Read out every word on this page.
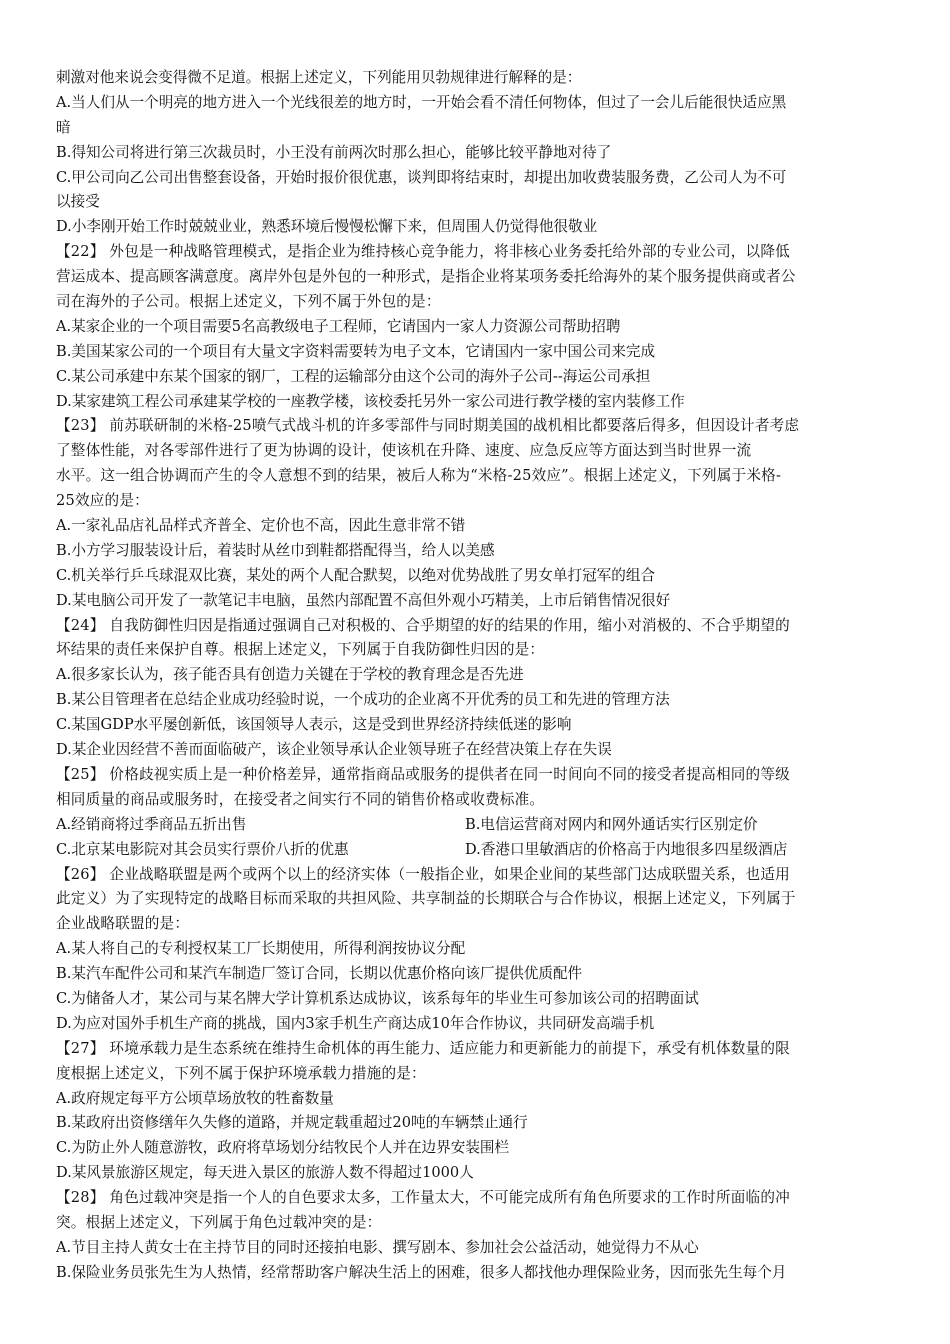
刺激对他来说会变得微不足道。根据上述定义，下列能用贝勃规律进行解释的是：
A.当人们从一个明亮的地方进入一个光线很差的地方时，一开始会看不清任何物体，但过了一会儿后能很快适应黑
暗
B.得知公司将进行第三次裁员时，小王没有前两次时那么担心，能够比较平静地对待了
C.甲公司向乙公司出售整套设备，开始时报价很优惠，谈判即将结束时，却提出加收费装服务费，乙公司人为不可
以接受
D.小李刚开始工作时兢兢业业，熟悉环境后慢慢松懈下来，但周围人仍觉得他很敬业
【22】 外包是一种战略管理模式，是指企业为维持核心竞争能力，将非核心业务委托给外部的专业公司，以降低
营运成本、提高顾客满意度。离岸外包是外包的一种形式，是指企业将某项务委托给海外的某个服务提供商或者公
司在海外的子公司。根据上述定义，下列不属于外包的是：
A.某家企业的一个项目需要5名高教级电子工程师，它请国内一家人力资源公司帮助招聘
B.美国某家公司的一个项目有大量文字资料需要转为电子文本，它请国内一家中国公司来完成
C.某公司承建中东某个国家的钢厂，工程的运输部分由这个公司的海外子公司--海运公司承担
D.某家建筑工程公司承建某学校的一座教学楼，该校委托另外一家公司进行教学楼的室内装修工作
【23】 前苏联研制的米格-25喷气式战斗机的许多零部件与同时期美国的战机相比都要落后得多，但因设计者考虑
了整体性能，对各零部件进行了更为协调的设计，使该机在升降、速度、应急反应等方面达到当时世界一流
水平。这一组合协调而产生的令人意想不到的结果，被后人称为“米格-25效应”。根据上述定义，下列属于米格-
25效应的是：
A.一家礼品店礼品样式齐普全、定价也不高，因此生意非常不错
B.小方学习服装设计后，着装时从丝巾到鞋都搭配得当，给人以美感
C.机关举行乒乓球混双比赛，某处的两个人配合默契，以绝对优势战胜了男女单打冠军的组合
D.某电脑公司开发了一款笔记丰电脑，虽然内部配置不高但外观小巧精美，上市后销售情况很好
【24】 自我防御性归因是指通过强调自己对积极的、合乎期望的好的结果的作用，缩小对消极的、不合乎期望的
坏结果的责任来保护自尊。根据上述定义，下列属于自我防御性归因的是：
A.很多家长认为，孩子能否具有创造力关键在于学校的教育理念是否先进
B.某公目管理者在总结企业成功经验时说，一个成功的企业离不开优秀的员工和先进的管理方法
C.某国GDP水平屡创新低，该国领导人表示，这是受到世界经济持续低迷的影响
D.某企业因经营不善而面临破产，该企业领导承认企业领导班子在经营决策上存在失误
【25】 价格歧视实质上是一种价格差异，通常指商品或服务的提供者在同一时间向不同的接受者提高相同的等级
相同质量的商品或服务时，在接受者之间实行不同的销售价格或收费标准。
A.经销商将过季商品五折出售	B.电信运营商对网内和网外通话实行区别定价
C.北京某电影院对其会员实行票价八折的优惠	D.香港口里敏酒店的价格高于内地很多四星级酒店
【26】 企业战略联盟是两个或两个以上的经济实体（一般指企业，如果企业间的某些部门达成联盟关系，也适用
此定义）为了实现特定的战略目标而采取的共担风险、共享制益的长期联合与合作协议，根据上述定义，下列属于
企业战略联盟的是：
A.某人将自己的专利授权某工厂长期使用，所得利润按协议分配
B.某汽车配件公司和某汽车制造厂签订合同，长期以优惠价格向该厂提供优质配件
C.为储备人才，某公司与某名牌大学计算机系达成协议，该系每年的毕业生可参加该公司的招聘面试
D.为应对国外手机生产商的挑战，国内3家手机生产商达成10年合作协议，共同研发高端手机
【27】 环境承载力是生态系统在维持生命机体的再生能力、适应能力和更新能力的前提下，承受有机体数量的限
度根据上述定义，下列不属于保护环境承载力措施的是：
A.政府规定每平方公顷草场放牧的牲畜数量
B.某政府出资修缮年久失修的道路，并规定载重超过20吨的车辆禁止通行
C.为防止外人随意游牧，政府将草场划分结牧民个人并在边界安装围栏
D.某风景旅游区规定，每天进入景区的旅游人数不得超过1000人
【28】 角色过载冲突是指一个人的自色要求太多，工作量太大，不可能完成所有角色所要求的工作时所面临的冲
突。根据上述定义，下列属于角色过载冲突的是：
A.节目主持人黄女士在主持节目的同时还接拍电影、撰写剧本、参加社会公益活动，她觉得力不从心
B.保险业务员张先生为人热情，经常帮助客户解决生活上的困难，很多人都找他办理保险业务，因而张先生每个月
